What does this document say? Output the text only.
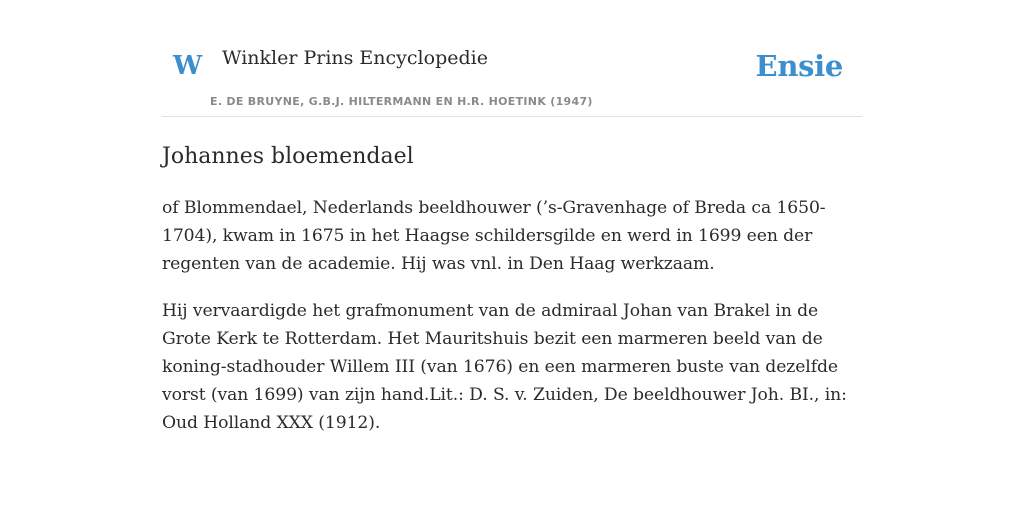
W Winkler Prins Encyclopedie
E. DE BRUYNE, G.B.J. HILTERMANN EN H.R. HOETINK (1947)
Ensie
Johannes bloemendael

of Blommendael, Nederlands beeldhouwer (’s-Gravenhage of Breda ca 1650-1704), kwam in 1675 in het Haagse schildersgilde en werd in 1699 een der regenten van de academie. Hij was vnl. in Den Haag werkzaam.

Hij vervaardigde het grafmonument van de admiraal Johan van Brakel in de Grote Kerk te Rotterdam. Het Mauritshuis bezit een marmeren beeld van de koning-stadhouder Willem III (van 1676) en een marmeren buste van dezelfde vorst (van 1699) van zijn hand.Lit.: D. S. v. Zuiden, De beeldhouwer Joh. BI., in: Oud Holland XXX (1912).
